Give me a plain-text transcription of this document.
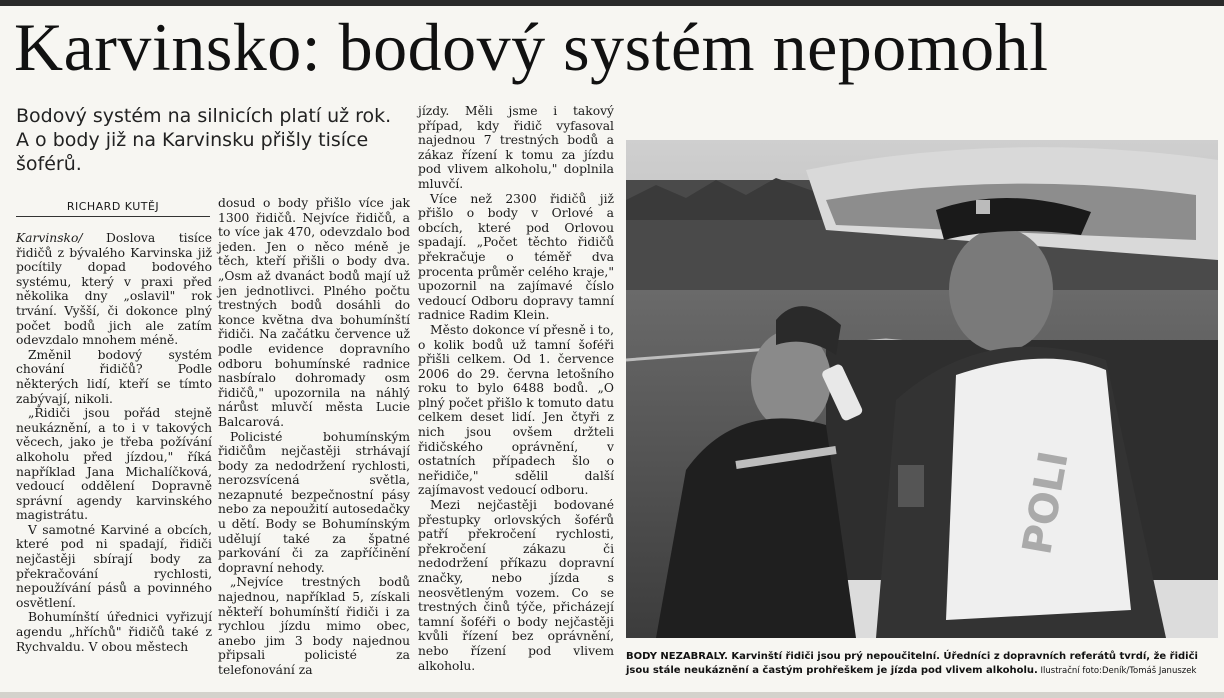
Karvinsko: bodový systém nepomohl
Bodový systém na silnicích platí už rok. A o body již na Karvinsku přišly tisíce šoférů.
RICHARD KUTĚJ

Karvinsko/ Doslova tisíce řidičů z bývalého Karvinska již pocítily dopad bodového systému, který v praxi před několika dny „oslavil" rok trvání. Vyšší, či dokonce plný počet bodů jich ale zatím odevzdalo mnohem méně.

Změnil bodový systém chování řidičů? Podle některých lidí, kteří se tímto zabývají, nikoli.

„Řidiči jsou pořád stejně neukáznění, a to i v takových věcech, jako je třeba požívání alkoholu před jízdou," říká například Jana Michalíčková, vedoucí oddělení Dopravně správní agendy karvinského magistrátu.

V samotné Karviné a obcích, které pod ni spadají, řidiči nejčastěji sbírají body za překračování rychlosti, nepoužívání pásů a povinného osvětlení.

Bohumínští úřednici vyřizují agendu „hříchů" řidičů také z Rychvaldu. V obou městech

dosud o body přišlo více jak 1300 řidičů. Nejvíce řidičů, a to více jak 470, odevzdalo bod jeden. Jen o něco méně je těch, kteří přišli o body dva. „Osm až dvanáct bodů mají už jen jednotlivci. Plného počtu trestných bodů dosáhli do konce května dva bohumínští řidiči. Na začátku července už podle evidence dopravního odboru bohumínské radnice nasbíralo dohromady osm řidičů," upozornila na náhlý nárůst mluvčí města Lucie Balcarová.

Policisté bohumínským řidičům nejčastěji strhávají body za nedodržení rychlosti, nerozsvícená světla, nezapnuté bezpečnostní pásy nebo za nepoužití autosedačky u dětí. Body se Bohumínským udělují také za špatné parkování či za zapříčinění dopravní nehody.

„Nejvíce trestných bodů najednou, například 5, získali někteří bohumínští řidiči i za rychlou jízdu mimo obec, anebo jim 3 body najednou připsali policisté za telefonování za

jízdy. Měli jsme i takový případ, kdy řidič vyfasoval najednou 7 trestných bodů a zákaz řízení k tomu za jízdu pod vlivem alkoholu," doplnila mluvčí.

Více než 2300 řidičů již přišlo o body v Orlové a obcích, které pod Orlovou spadají. „Počet těchto řidičů překračuje o téměř dva procenta průměr celého kraje," upozornil na zajímavé číslo vedoucí Odboru dopravy tamní radnice Radim Klein.

Město dokonce ví přesně i to, o kolik bodů už tamní šoféři přišli celkem. Od 1. července 2006 do 29. června letošního roku to bylo 6488 bodů. „O plný počet přišlo k tomuto datu celkem deset lidí. Jen čtyři z nich jsou ovšem držteli řidičského oprávnění, v ostatních případech šlo o neřidiče," sdělil další zajímavost vedoucí odboru.

Mezi nejčastěji bodované přestupky orlovských šoférů patří překročení rychlosti, překročení zákazu či nedodržení příkazu dopravní značky, nebo jízda s neosvětleným vozem. Co se trestných činů týče, přicházejí tamní šoféři o body nejčastěji kvůli řízení bez oprávnění, nebo řízení pod vlivem alkoholu.

POLI
BODY NEZABRALY. Karvinští řidiči jsou prý nepoučitelní. Úředníci z dopravních referátů tvrdí, že řidiči jsou stále neukáznění a častým prohřeškem je jízda pod vlivem alkoholu. Ilustrační foto:Deník/Tomáš Januszek
